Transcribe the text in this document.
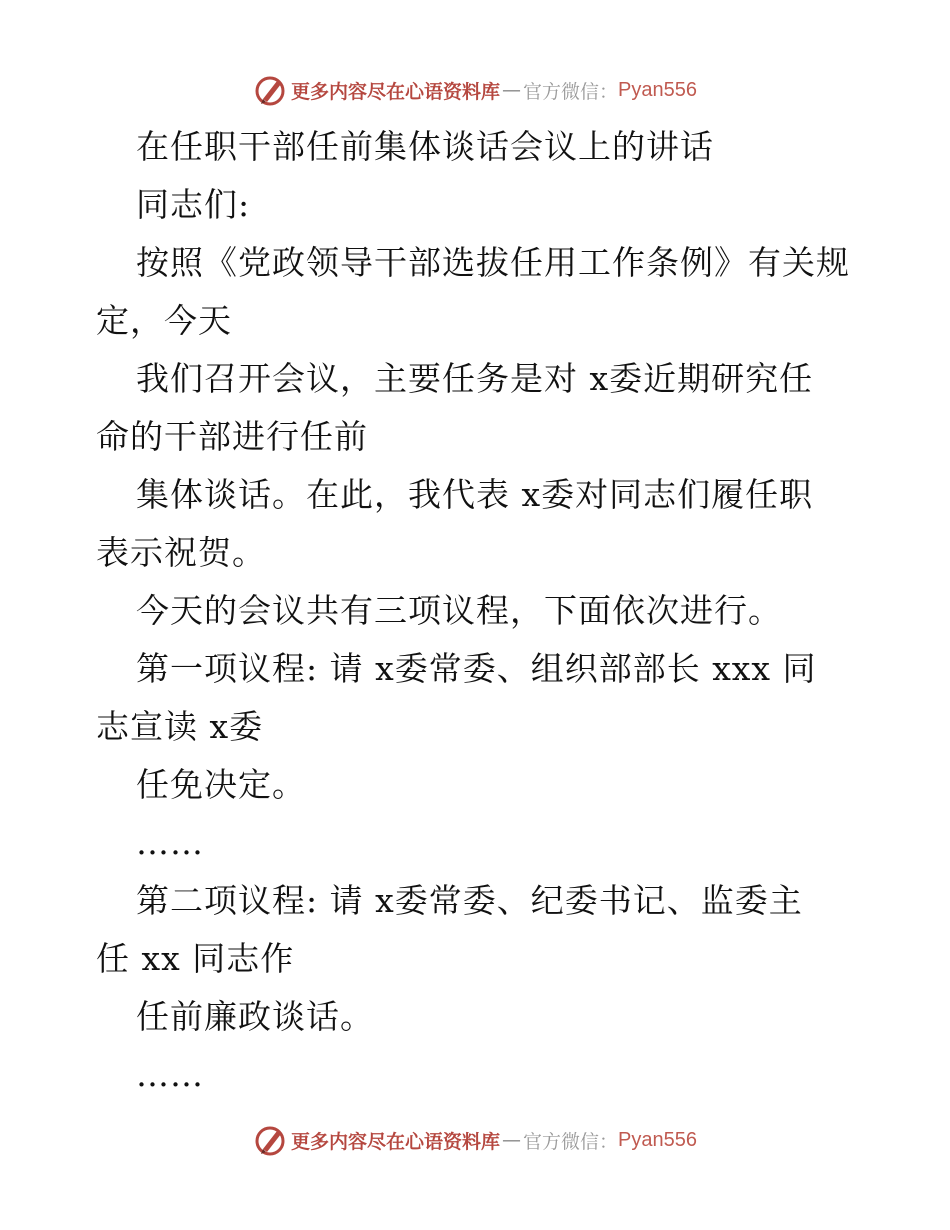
更多内容尽在心语资料库 — 官方微信： Pyan556
在任职干部任前集体谈话会议上的讲话
同志们:
按照《党政领导干部选拔任用工作条例》有关规
定，今天
我们召开会议，主要任务是对 x委近期研究任
命的干部进行任前
集体谈话。在此，我代表 x委对同志们履任职
表示祝贺。
今天的会议共有三项议程，下面依次进行。
第一项议程: 请 x委常委、组织部部长 xxx 同
志宣读 x委
任免决定。
……
第二项议程: 请 x委常委、纪委书记、监委主
任 xx 同志作
任前廉政谈话。
……
更多内容尽在心语资料库 — 官方微信： Pyan556
